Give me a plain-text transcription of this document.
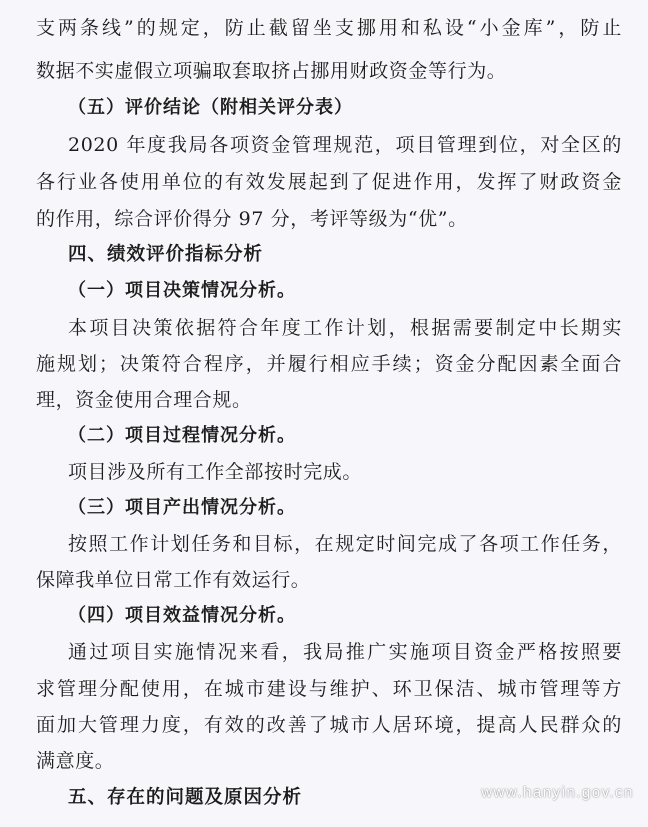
支两条线”的规定，防止截留坐支挪用和私设“小金库”，防止
数据不实虚假立项骗取套取挤占挪用财政资金等行为。
（五）评价结论（附相关评分表）
2020 年度我局各项资金管理规范，项目管理到位，对全区的
各行业各使用单位的有效发展起到了促进作用，发挥了财政资金
的作用，综合评价得分 97 分，考评等级为“优”。
四、绩效评价指标分析
（一）项目决策情况分析。
本项目决策依据符合年度工作计划，根据需要制定中长期实
施规划；决策符合程序，并履行相应手续；资金分配因素全面合
理，资金使用合理合规。
（二）项目过程情况分析。
项目涉及所有工作全部按时完成。
（三）项目产出情况分析。
按照工作计划任务和目标，在规定时间完成了各项工作任务，
保障我单位日常工作有效运行。
（四）项目效益情况分析。
通过项目实施情况来看，我局推广实施项目资金严格按照要
求管理分配使用，在城市建设与维护、环卫保洁、城市管理等方
面加大管理力度，有效的改善了城市人居环境，提高人民群众的
满意度。
五、存在的问题及原因分析	www.hanyin.gov.cn
